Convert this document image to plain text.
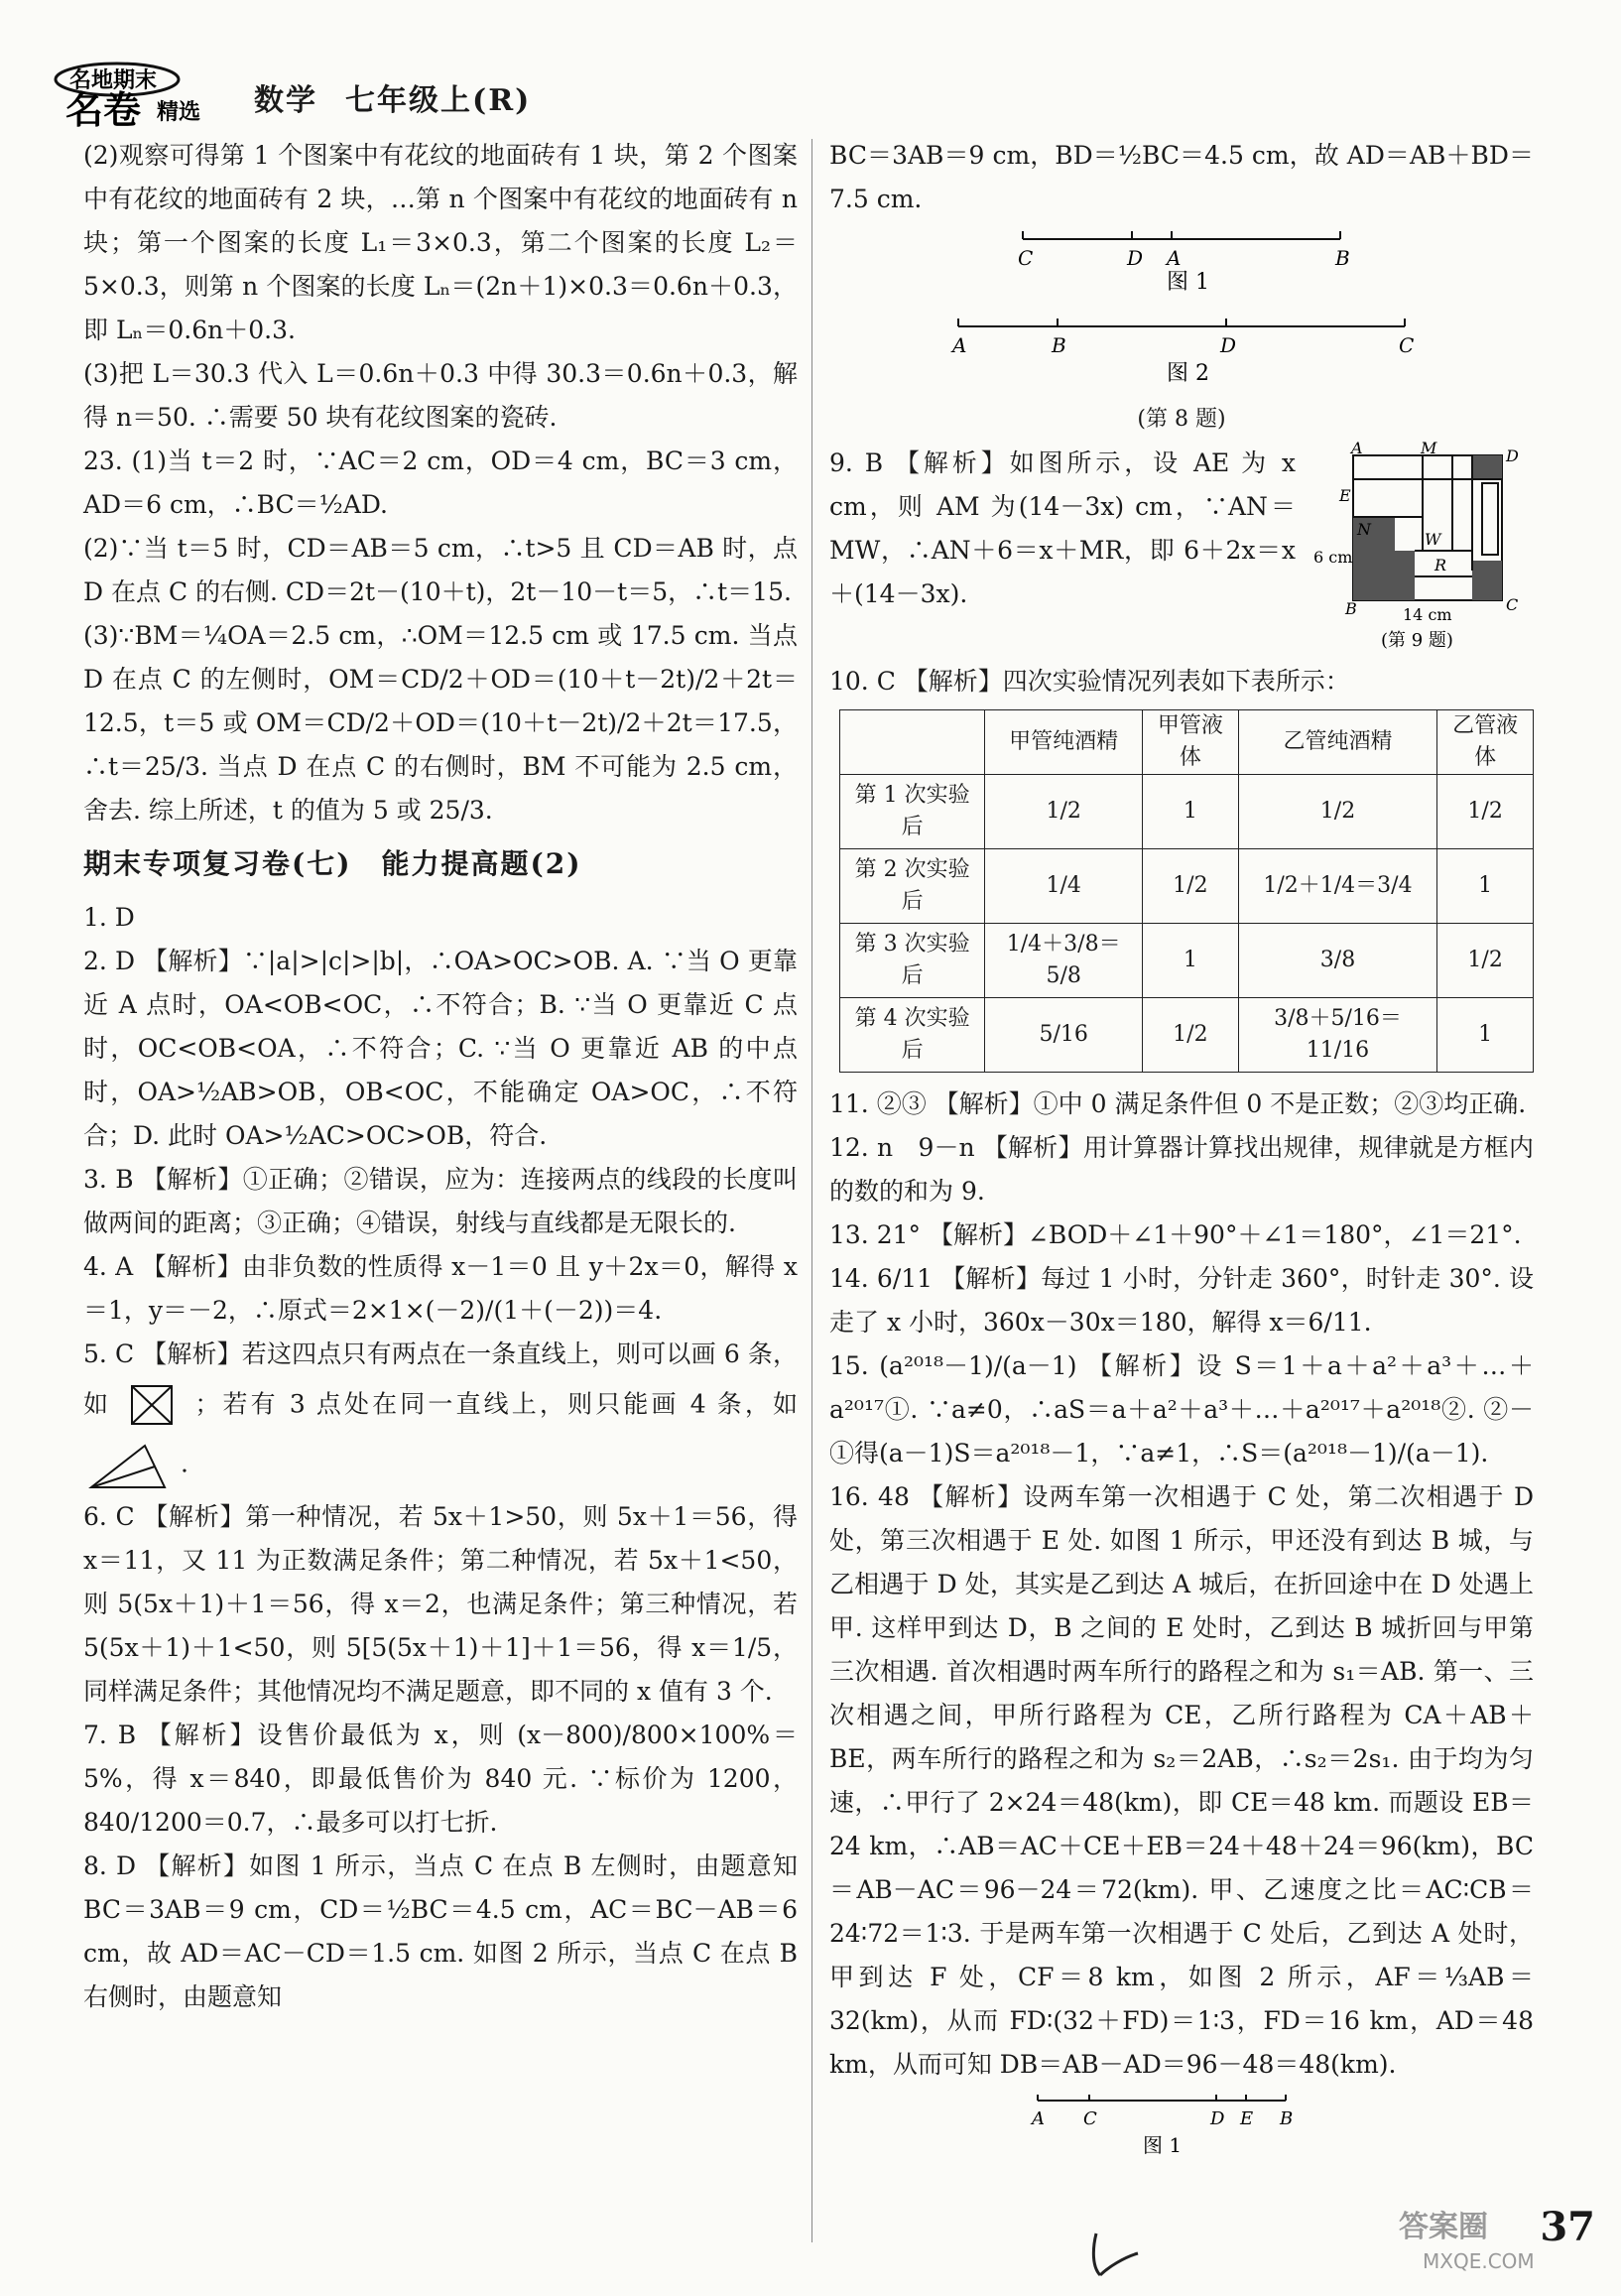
名地期末
名卷 精选 数学 七年级上(R)

(2)观察可得第 1 个图案中有花纹的地面砖有 1 块，第 2 个图案中有花纹的地面砖有 2 块，…第 n 个图案中有花纹的地面砖有 n 块；第一个图案的长度 L₁＝3×0.3，第二个图案的长度 L₂＝5×0.3，则第 n 个图案的长度 Lₙ＝(2n＋1)×0.3＝0.6n＋0.3，即 Lₙ＝0.6n＋0.3.

(3)把 L＝30.3 代入 L＝0.6n＋0.3 中得 30.3＝0.6n＋0.3，解得 n＝50. ∴需要 50 块有花纹图案的瓷砖.

23. (1)当 t＝2 时，∵AC＝2 cm，OD＝4 cm，BC＝3 cm，AD＝6 cm，∴BC＝½AD.

(2)∵当 t＝5 时，CD＝AB＝5 cm，∴t>5 且 CD＝AB 时，点 D 在点 C 的右侧. CD＝2t－(10＋t)，2t－10－t＝5，∴t＝15.

(3)∵BM＝¼OA＝2.5 cm，∴OM＝12.5 cm 或 17.5 cm. 当点 D 在点 C 的左侧时，OM＝CD/2＋OD＝(10＋t－2t)/2＋2t＝12.5，t＝5 或 OM＝CD/2＋OD＝(10＋t－2t)/2＋2t＝17.5，∴t＝25/3. 当点 D 在点 C 的右侧时，BM 不可能为 2.5 cm，舍去. 综上所述，t 的值为 5 或 25/3.

期末专项复习卷(七)　能力提高题(2)

1. D

2. D 【解析】∵|a|>|c|>|b|，∴OA>OC>OB. A. ∵当 O 更靠近 A 点时，OA<OB<OC，∴不符合；B. ∵当 O 更靠近 C 点时，OC<OB<OA，∴不符合；C. ∵当 O 更靠近 AB 的中点时，OA>½AB>OB，OB<OC，不能确定 OA>OC，∴不符合；D. 此时 OA>½AC>OC>OB，符合.

3. B 【解析】①正确；②错误，应为：连接两点的线段的长度叫做两间的距离；③正确；④错误，射线与直线都是无限长的.

4. A 【解析】由非负数的性质得 x－1＝0 且 y＋2x＝0，解得 x＝1，y＝－2，∴原式＝2×1×(－2)/(1＋(－2))＝4.

5. C 【解析】若这四点只有两点在一条直线上，则可以画 6 条，如	；若有 3 点处在同一直线上，则只能画 4 条，如  .

6. C 【解析】第一种情况，若 5x＋1>50，则 5x＋1＝56，得 x＝11，又 11 为正数满足条件；第二种情况，若 5x＋1<50，则 5(5x＋1)＋1＝56，得 x＝2，也满足条件；第三种情况，若 5(5x＋1)＋1<50，则 5[5(5x＋1)＋1]＋1＝56，得 x＝1/5，同样满足条件；其他情况均不满足题意，即不同的 x 值有 3 个.

7. B 【解析】设售价最低为 x，则 (x－800)/800×100%＝5%，得 x＝840，即最低售价为 840 元. ∵标价为 1200，840/1200＝0.7，∴最多可以打七折.

8. D 【解析】如图 1 所示，当点 C 在点 B 左侧时，由题意知 BC＝3AB＝9 cm，CD＝½BC＝4.5 cm，AC＝BC－AB＝6 cm，故 AD＝AC－CD＝1.5 cm. 如图 2 所示，当点 C 在点 B 右侧时，由题意知

BC＝3AB＝9 cm，BD＝½BC＝4.5 cm，故 AD＝AB＋BD＝7.5 cm.

C	D A	B
图 1

A	B	D	C
图 2
(第 8 题)

9. B 【解析】如图所示，设 AE 为 x cm，则 AM 为(14－3x) cm，∵AN＝MW，∴AN＋6＝x＋MR，即 6＋2x＝x＋(14－3x).

A	M	D
E
N
W
R
6 cm
B	C
14 cm
(第 9 题)

10. C 【解析】四次实验情况列表如下表所示：

	甲管纯酒精	甲管液体	乙管纯酒精	乙管液体
第 1 次实验后	1/2	1	1/2	1/2
第 2 次实验后	1/4	1/2	1/2＋1/4＝3/4	1
第 3 次实验后	1/4＋3/8＝5/8	1	3/8	1/2
第 4 次实验后	5/16	1/2	3/8＋5/16＝11/16	1

11. ②③ 【解析】①中 0 满足条件但 0 不是正数；②③均正确.

12. n　9－n 【解析】用计算器计算找出规律，规律就是方框内的数的和为 9.

13. 21° 【解析】∠BOD＋∠1＋90°＋∠1＝180°，∠1＝21°.

14. 6/11 【解析】每过 1 小时，分针走 360°，时针走 30°. 设走了 x 小时，360x－30x＝180，解得 x＝6/11.

15. (a²⁰¹⁸－1)/(a－1) 【解析】设 S＝1＋a＋a²＋a³＋…＋a²⁰¹⁷①. ∵a≠0，∴aS＝a＋a²＋a³＋…＋a²⁰¹⁷＋a²⁰¹⁸②. ②－①得(a－1)S＝a²⁰¹⁸－1，∵a≠1，∴S＝(a²⁰¹⁸－1)/(a－1).

16. 48 【解析】设两车第一次相遇于 C 处，第二次相遇于 D 处，第三次相遇于 E 处. 如图 1 所示，甲还没有到达 B 城，与乙相遇于 D 处，其实是乙到达 A 城后，在折回途中在 D 处遇上甲. 这样甲到达 D，B 之间的 E 处时，乙到达 B 城折回与甲第三次相遇. 首次相遇时两车所行的路程之和为 s₁＝AB. 第一、三次相遇之间，甲所行路程为 CE，乙所行路程为 CA＋AB＋BE，两车所行的路程之和为 s₂＝2AB，∴s₂＝2s₁. 由于均为匀速，∴甲行了 2×24＝48(km)，即 CE＝48 km. 而题设 EB＝24 km，∴AB＝AC＋CE＋EB＝24＋48＋24＝96(km)，BC＝AB－AC＝96－24＝72(km). 甲、乙速度之比＝AC∶CB＝24∶72＝1∶3. 于是两车第一次相遇于 C 处后，乙到达 A 处时，甲到达 F 处，CF＝8 km，如图 2 所示，AF＝⅓AB＝32(km)，从而 FD∶(32＋FD)＝1∶3，FD＝16 km，AD＝48 km，从而可知 DB＝AB－AD＝96－48＝48(km).

A C	D E B
图 1
答案圈
MXQE.COM
37
